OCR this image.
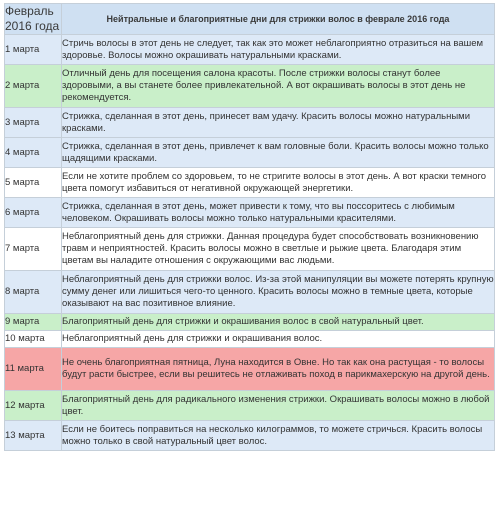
Февраль 2016 года	Нейтральные и благоприятные дни для стрижки волос в феврале 2016 года
1 марта	Стричь волосы в этот день не следует, так как это может неблагоприятно отразиться на вашем здоровье. Волосы можно окрашивать натуральными красками.
2 марта	Отличный день для посещения салона красоты. После стрижки волосы станут более здоровыми, а вы станете более привлекательной. А вот окрашивать волосы в этот день не рекомендуется.
3 марта	Стрижка, сделанная в этот день, принесет вам удачу. Красить волосы можно натуральными красками.
4 марта	Стрижка, сделанная в этот день, привлечет к вам головные боли. Красить волосы можно только щадящими красками.
5 марта	Если не хотите проблем со здоровьем, то не стригите волосы в этот день. А вот краски темного цвета помогут избавиться от негативной окружающей энергетики.
6 марта	Стрижка, сделанная в этот день, может привести к тому, что вы поссоритесь с любимым человеком. Окрашивать волосы можно только натуральными красителями.
7 марта	Неблагоприятный день для стрижки. Данная процедура будет способствовать возникновению травм и неприятностей. Красить волосы можно в светлые и рыжие цвета. Благодаря этим цветам вы наладите отношения с окружающими вас людьми.
8 марта	Неблагоприятный день для стрижки волос. Из-за этой манипуляции вы можете потерять крупную сумму денег или лишиться чего-то ценного. Красить волосы можно в темные цвета, которые оказывают на вас позитивное влияние.
9 марта	Благоприятный день для стрижки и окрашивания волос в свой натуральный цвет.
10 марта	Неблагоприятный день для стрижки и окрашивания волос.
11 марта	Не очень благоприятная пятница, Луна находится в Овне. Но так как она растущая - то волосы будут расти быстрее, если вы решитесь не отлаживать поход в парикмахерскую на другой день.
12 марта	Благоприятный день для радикального изменения стрижки. Окрашивать волосы можно в любой цвет.
13 марта	Если не боитесь поправиться на несколько килограммов, то можете стричься. Красить волосы можно только в свой натуральный цвет волос.
